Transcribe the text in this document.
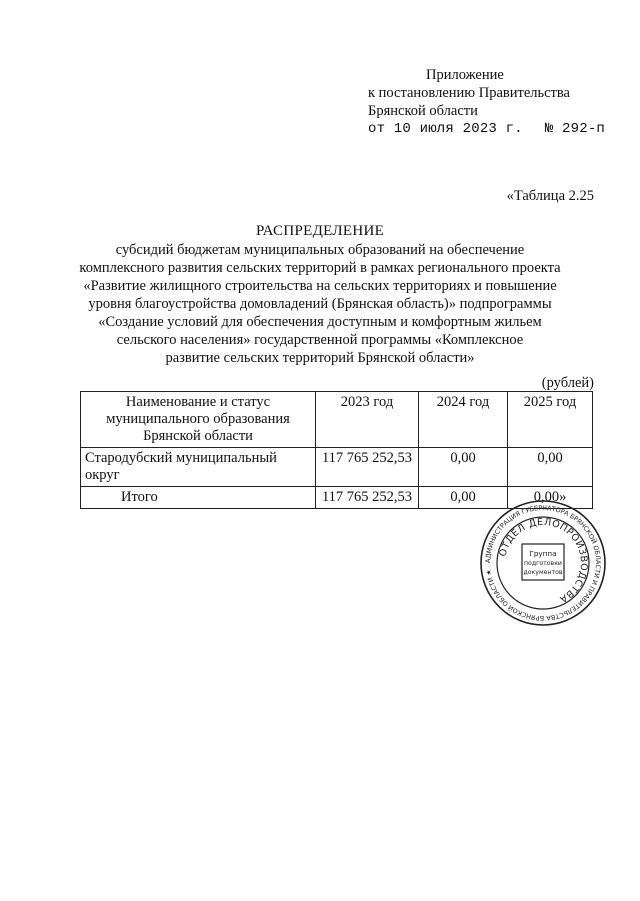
Приложение
к постановлению Правительства
Брянской области
от 10 июля 2023 г. № 292-п
«Таблица 2.25
РАСПРЕДЕЛЕНИЕ
субсидий бюджетам муниципальных образований на обеспечение
комплексного развития сельских территорий в рамках регионального проекта
«Развитие жилищного строительства на сельских территориях и повышение
уровня благоустройства домовладений (Брянская область)» подпрограммы
«Создание условий для обеспечения доступным и комфортным жильем
сельского населения» государственной программы «Комплексное
развитие сельских территорий Брянской области»
(рублей)
Наименование и статус муниципального образования Брянской области	2023 год	2024 год	2025 год
Стародубский муниципальный округ	117 765 252,53	0,00	0,00
Итого	117 765 252,53	0,00	0,00»
АДМИНИСТРАЦИЯ ГУБЕРНАТОРА БРЯНСКОЙ ОБЛАСТИ И ПРАВИТЕЛЬСТВА БРЯНСКОЙ ОБЛАСТИ ★
ОТДЕЛ ДЕЛОПРОИЗВОДСТВА
Группа
подготовки
документов
